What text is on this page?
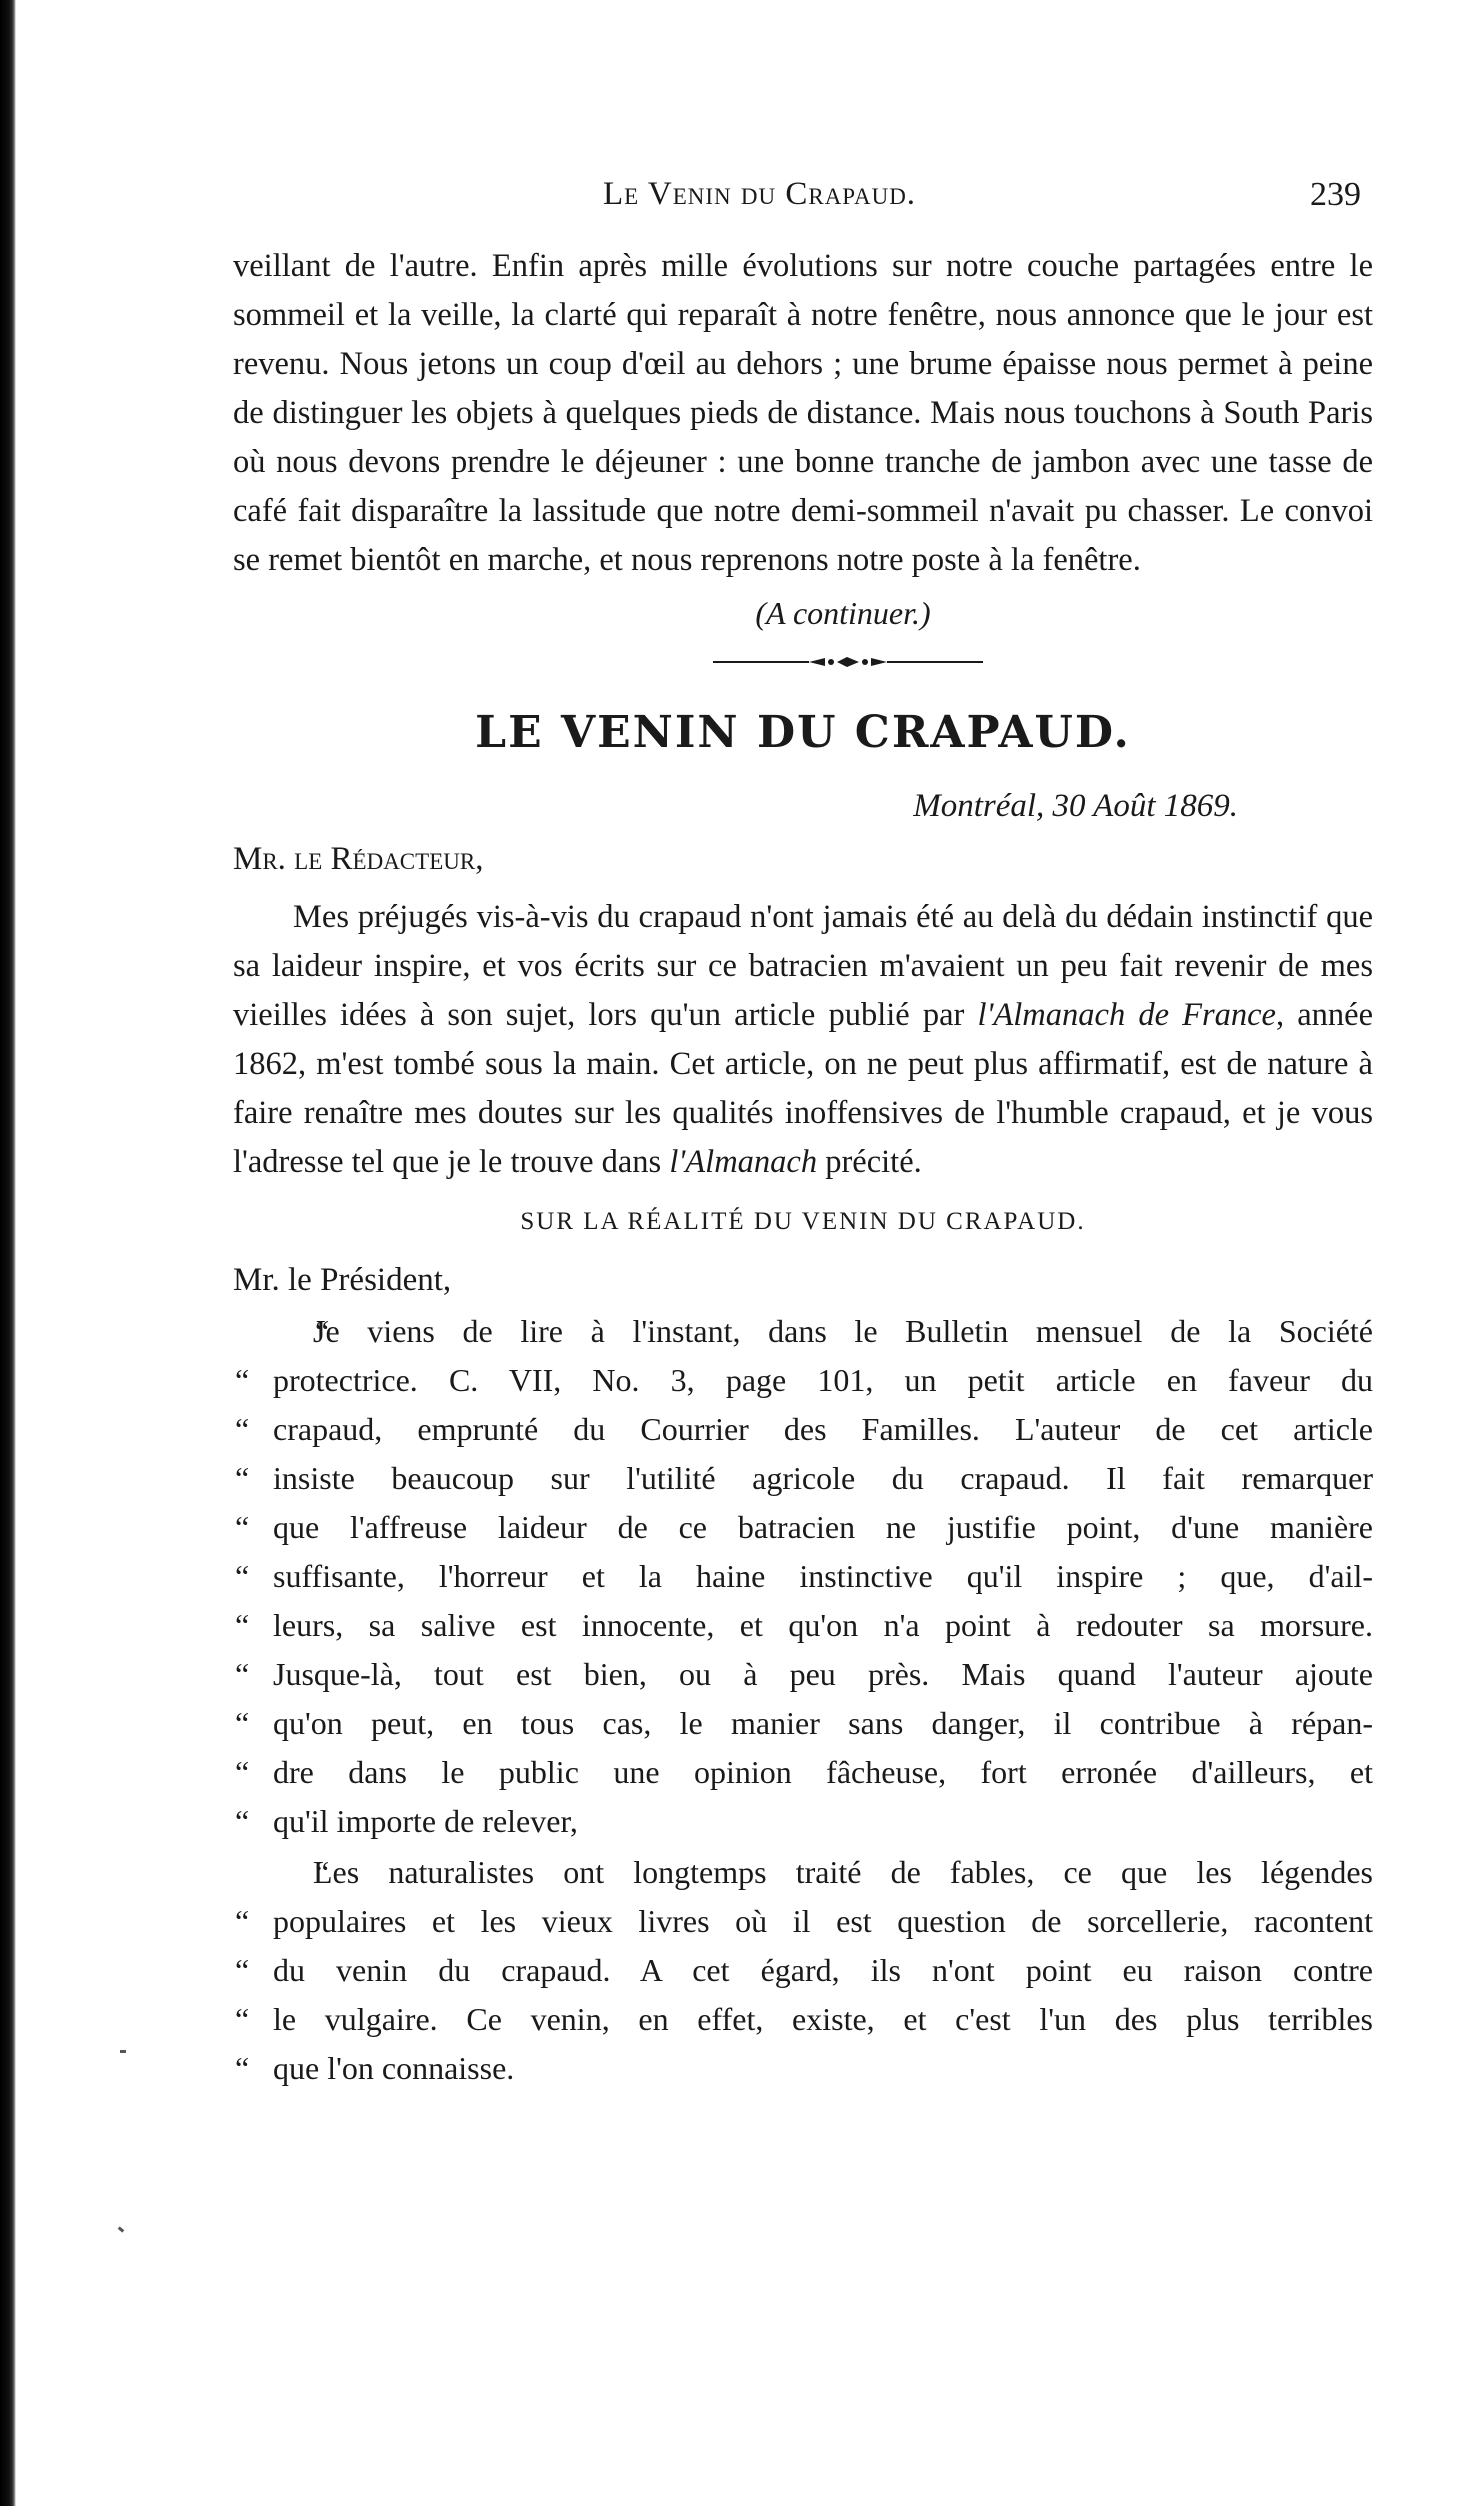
Le Venin du Crapaud.	239

veillant de l'autre. Enfin après mille évolutions sur notre couche partagées entre le sommeil et la veille, la clarté qui reparaît à notre fenêtre, nous annonce que le jour est revenu. Nous jetons un coup d'œil au dehors ; une brume épaisse nous permet à peine de distinguer les objets à quelques pieds de distance. Mais nous touchons à South Paris où nous devons prendre le déjeuner : une bonne tranche de jambon avec une tasse de café fait disparaître la lassitude que notre demi-sommeil n'avait pu chasser. Le convoi se remet bientôt en marche, et nous reprenons notre poste à la fenêtre.

(A continuer.)
LE VENIN DU CRAPAUD.
Montréal, 30 Août 1869.
Mr. le Rédacteur,

Mes préjugés vis-à-vis du crapaud n'ont jamais été au delà du dédain instinctif que sa laideur inspire, et vos écrits sur ce batracien m'avaient un peu fait revenir de mes vieilles idées à son sujet, lors qu'un article publié par l'Almanach de France, année 1862, m'est tombé sous la main. Cet article, on ne peut plus affirmatif, est de nature à faire renaître mes doutes sur les qualités inoffensives de l'humble crapaud, et je vous l'adresse tel que je le trouve dans l'Almanach précité.

SUR LA RÉALITÉ DU VENIN DU CRAPAUD.
Mr. le Président,
“ Je viens de lire à l'instant, dans le Bulletin mensuel de la Société
“ protectrice. C. VII, No. 3, page 101, un petit article en faveur du
“ crapaud, emprunté du Courrier des Familles. L'auteur de cet article
“ insiste beaucoup sur l'utilité agricole du crapaud. Il fait remarquer
“ que l'affreuse laideur de ce batracien ne justifie point, d'une manière
“ suffisante, l'horreur et la haine instinctive qu'il inspire ; que, d'ail-
“ leurs, sa salive est innocente, et qu'on n'a point à redouter sa morsure.
“ Jusque-là, tout est bien, ou à peu près. Mais quand l'auteur ajoute
“ qu'on peut, en tous cas, le manier sans danger, il contribue à répan-
“ dre dans le public une opinion fâcheuse, fort erronée d'ailleurs, et
“ qu'il importe de relever,
“ Les naturalistes ont longtemps traité de fables, ce que les légendes
“ populaires et les vieux livres où il est question de sorcellerie, racontent
“ du venin du crapaud. A cet égard, ils n'ont point eu raison contre
“ le vulgaire. Ce venin, en effet, existe, et c'est l'un des plus terribles
“ que l'on connaisse.
